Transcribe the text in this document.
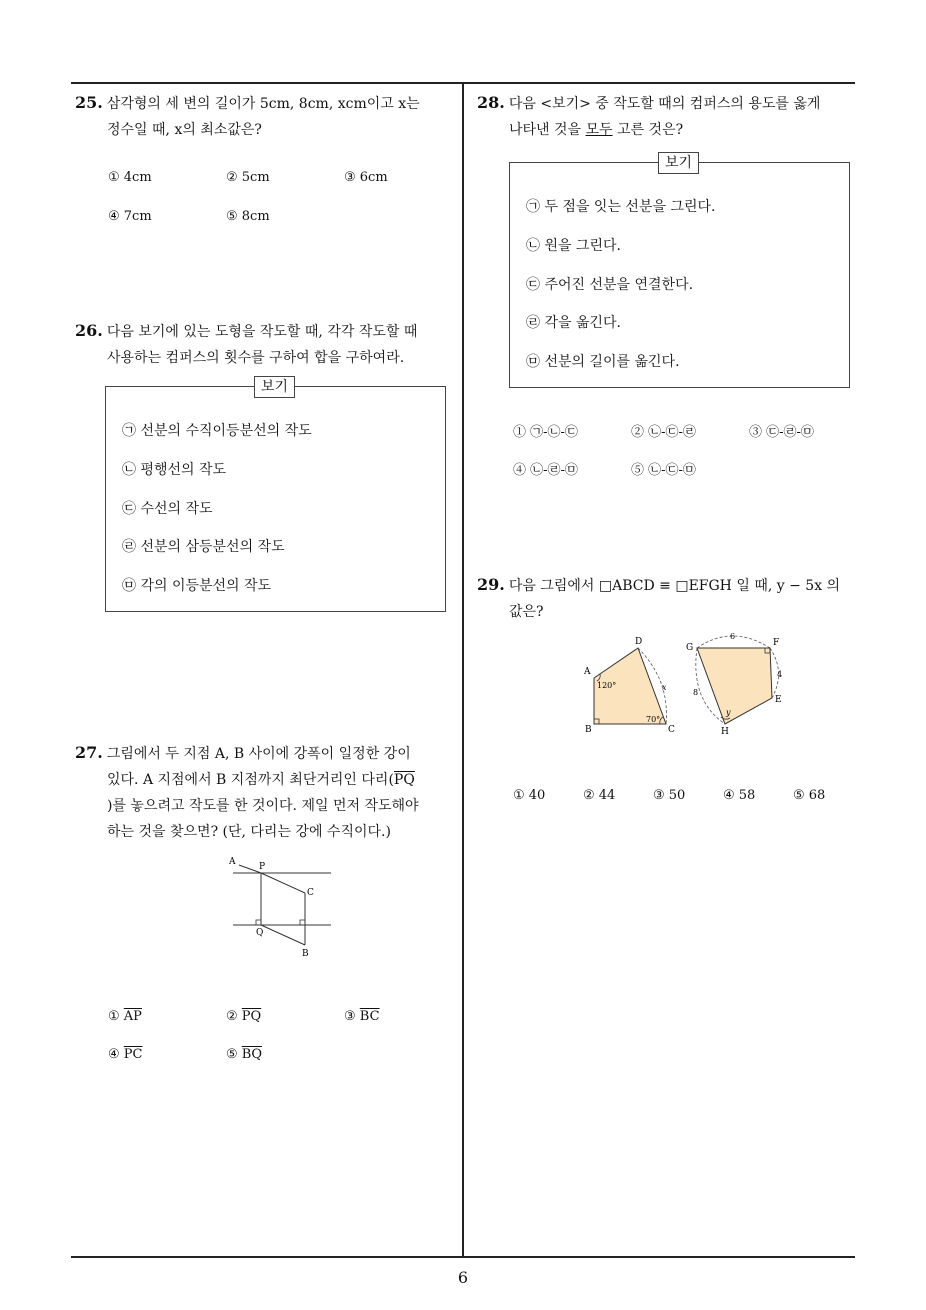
25. 삼각형의 세 변의 길이가 5cm, 8cm, xcm이고 x는
정수일 때, x의 최소값은?
① 4cm	② 5cm	③ 6cm
④ 7cm	⑤ 8cm
26. 다음 보기에 있는 도형을 작도할 때, 각각 작도할 때
사용하는 컴퍼스의 횟수를 구하여 합을 구하여라.
보기
㉠ 선분의 수직이등분선의 작도
㉡ 평행선의 작도
㉢ 수선의 작도
㉣ 선분의 삼등분선의 작도
㉤ 각의 이등분선의 작도
27. 그림에서 두 지점 A, B 사이에 강폭이 일정한 강이
있다. A 지점에서 B 지점까지 최단거리인 다리($\overline{PQ}$
)를 놓으려고 작도를 한 것이다. 제일 먼저 작도해야
하는 것을 찾으면? (단, 다리는 강에 수직이다.)
A	P
C
Q
B
① $\overline{AP}$	② $\overline{PQ}$	③ $\overline{BC}$
④ $\overline{PC}$	⑤ $\overline{BQ}$
28. 다음 <보기> 중 작도할 때의 컴퍼스의 용도를 옳게
나타낸 것을 모두 고른 것은?
보기
㉠ 두 점을 잇는 선분을 그린다.
㉡ 원을 그린다.
㉢ 주어진 선분을 연결한다.
㉣ 각을 옮긴다.
㉤ 선분의 길이를 옮긴다.
① ㉠-㉡-㉢	② ㉡-㉢-㉣	③ ㉢-㉣-㉤
④ ㉡-㉣-㉤	⑤ ㉡-㉢-㉤
29. 다음 그림에서 □ABCD ≡ □EFGH 일 때, y − 5x 의
값은?
A
B	C
D
120°
70°
x
G	F
E
H
6
4
8
y
① 40	② 44	③ 50	④ 58	⑤ 68
6
